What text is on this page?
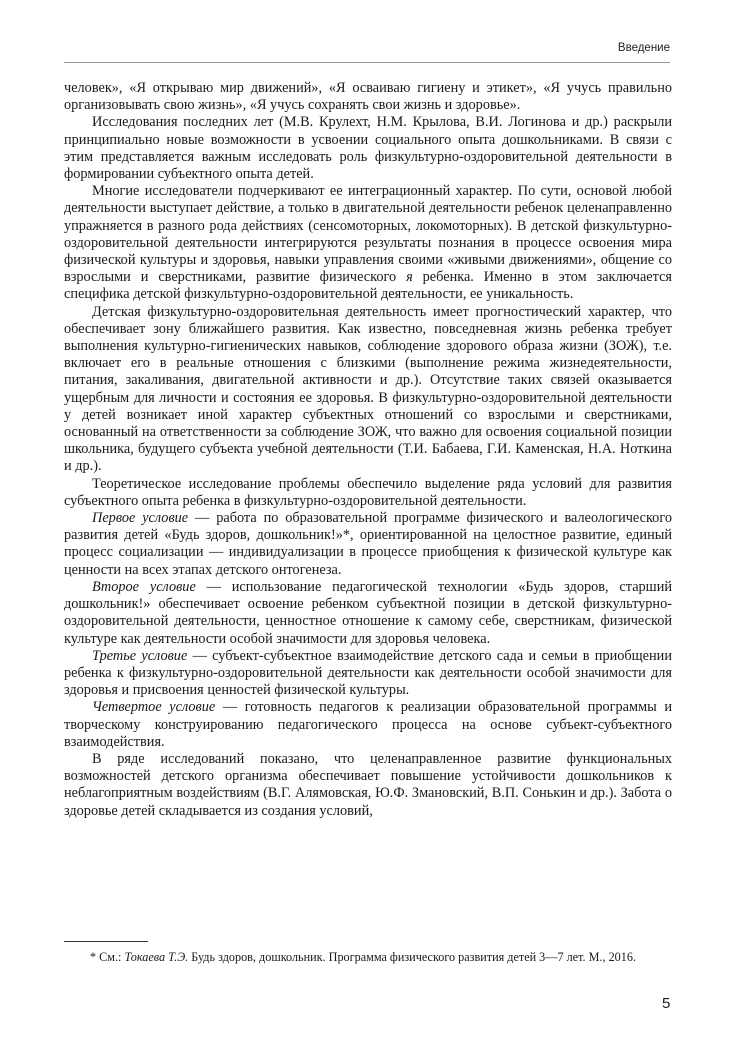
Введение

человек», «Я открываю мир движений», «Я осваиваю гигиену и этикет», «Я учусь правильно организовывать свою жизнь», «Я учусь сохранять свои жизнь и здоровье».

Исследования последних лет (М.В. Крулехт, Н.М. Крылова, В.И. Логинова и др.) раскрыли принципиально новые возможности в усвоении социального опыта дошкольниками. В связи с этим представляется важным исследовать роль физкультурно-оздоровительной деятельности в формировании субъектного опыта детей.

Многие исследователи подчеркивают ее интеграционный характер. По сути, основой любой деятельности выступает действие, а только в двигательной деятельности ребенок целенаправленно упражняется в разного рода действиях (сенсомоторных, локомоторных). В детской физкультурно-оздоровительной деятельности интегрируются результаты познания в процессе освоения мира физической культуры и здоровья, навыки управления своими «живыми движениями», общение со взрослыми и сверстниками, развитие физического я ребенка. Именно в этом заключается специфика детской физкультурно-оздоровительной деятельности, ее уникальность.

Детская физкультурно-оздоровительная деятельность имеет прогностический характер, что обеспечивает зону ближайшего развития. Как известно, повседневная жизнь ребенка требует выполнения культурно-гигиенических навыков, соблюдение здорового образа жизни (ЗОЖ), т.е. включает его в реальные отношения с близкими (выполнение режима жизнедеятельности, питания, закаливания, двигательной активности и др.). Отсутствие таких связей оказывается ущербным для личности и состояния ее здоровья. В физкультурно-оздоровительной деятельности у детей возникает иной характер субъектных отношений со взрослыми и сверстниками, основанный на ответственности за соблюдение ЗОЖ, что важно для освоения социальной позиции школьника, будущего субъекта учебной деятельности (Т.И. Бабаева, Г.И. Каменская, Н.А. Ноткина и др.).

Теоретическое исследование проблемы обеспечило выделение ряда условий для развития субъектного опыта ребенка в физкультурно-оздоровительной деятельности.

Первое условие — работа по образовательной программе физического и валеологического развития детей «Будь здоров, дошкольник!»*, ориентированной на целостное развитие, единый процесс социализации — индивидуализации в процессе приобщения к физической культуре как ценности на всех этапах детского онтогенеза.

Второе условие — использование педагогической технологии «Будь здоров, старший дошкольник!» обеспечивает освоение ребенком субъектной позиции в детской физкультурно-оздоровительной деятельности, ценностное отношение к самому себе, сверстникам, физической культуре как деятельности особой значимости для здоровья человека.

Третье условие — субъект-субъектное взаимодействие детского сада и семьи в приобщении ребенка к физкультурно-оздоровительной деятельности как деятельности особой значимости для здоровья и присвоения ценностей физической культуры.

Четвертое условие — готовность педагогов к реализации образовательной программы и творческому конструированию педагогического процесса на основе субъект-субъектного взаимодействия.

В ряде исследований показано, что целенаправленное развитие функциональных возможностей детского организма обеспечивает повышение устойчивости дошкольников к неблагоприятным воздействиям (В.Г. Алямовская, Ю.Ф. Змановский, В.П. Сонькин и др.). Забота о здоровье детей складывается из создания условий,

* См.: Токаева Т.Э. Будь здоров, дошкольник. Программа физического развития детей 3—7 лет. М., 2016.

5
